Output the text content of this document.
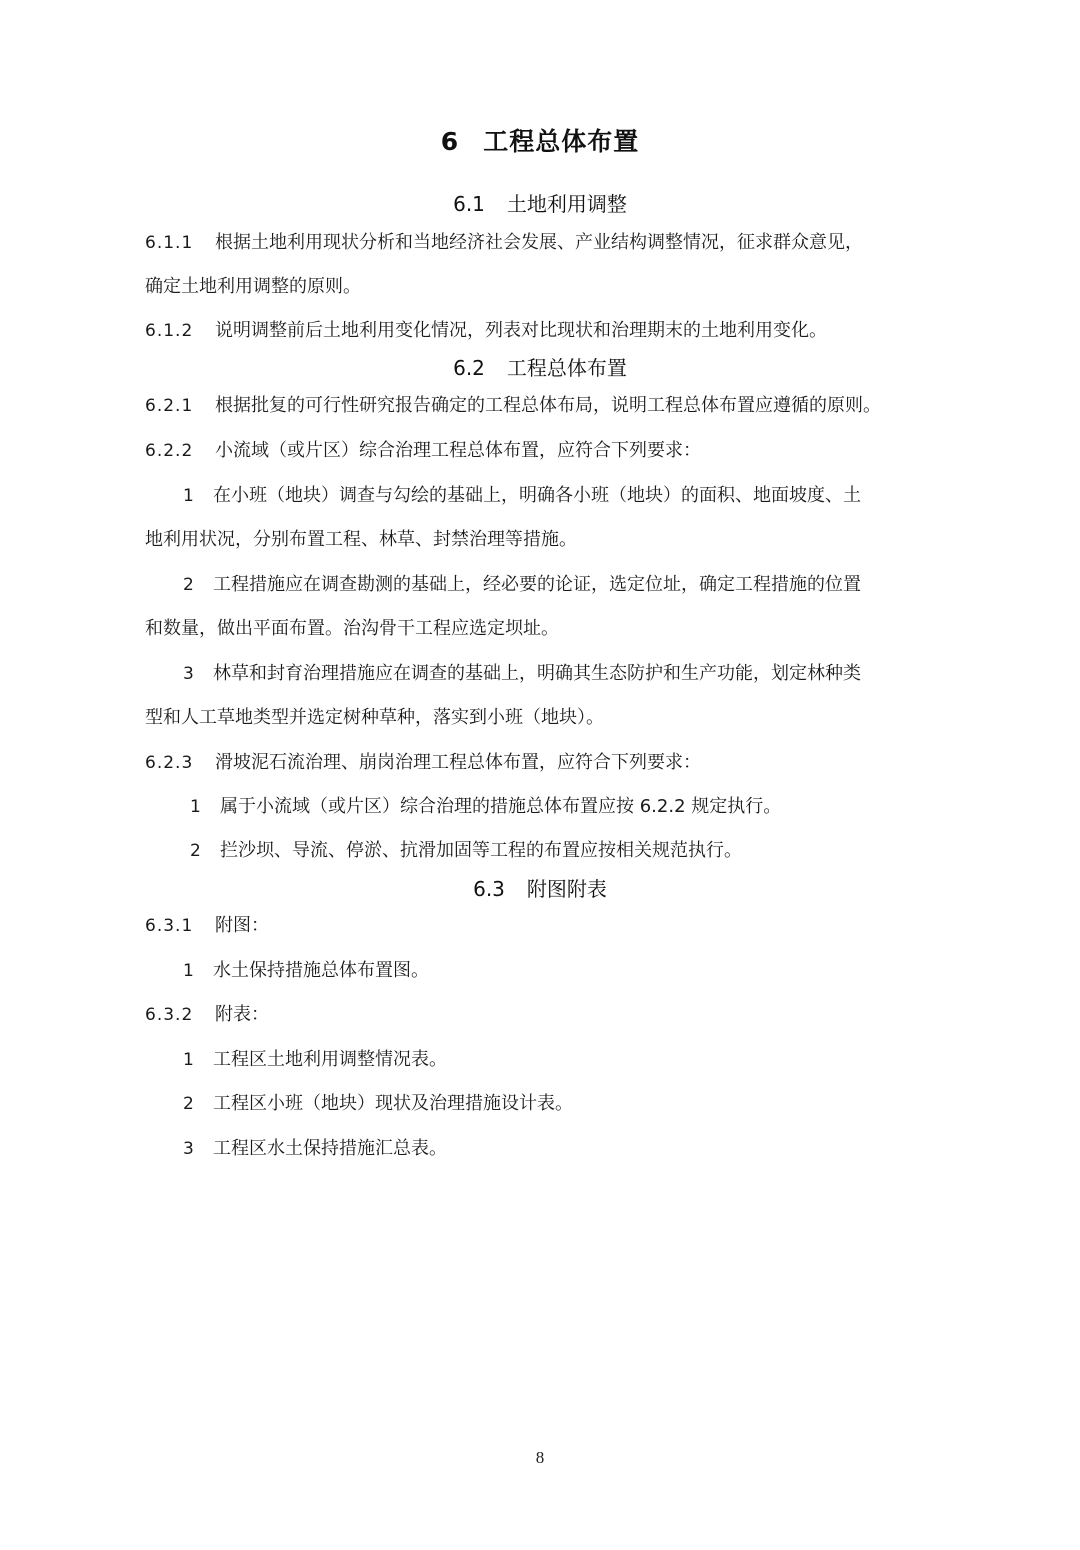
6 工程总体布置
6.1 土地利用调整
6.1.1 根据土地利用现状分析和当地经济社会发展、产业结构调整情况，征求群众意见，
确定土地利用调整的原则。
6.1.2 说明调整前后土地利用变化情况，列表对比现状和治理期末的土地利用变化。
6.2 工程总体布置
6.2.1 根据批复的可行性研究报告确定的工程总体布局，说明工程总体布置应遵循的原则。
6.2.2 小流域（或片区）综合治理工程总体布置，应符合下列要求：
1 在小班（地块）调查与勾绘的基础上，明确各小班（地块）的面积、地面坡度、土
地利用状况，分别布置工程、林草、封禁治理等措施。
2 工程措施应在调查勘测的基础上，经必要的论证，选定位址，确定工程措施的位置
和数量，做出平面布置。治沟骨干工程应选定坝址。
3 林草和封育治理措施应在调查的基础上，明确其生态防护和生产功能，划定林种类
型和人工草地类型并选定树种草种，落实到小班（地块）。
6.2.3 滑坡泥石流治理、崩岗治理工程总体布置，应符合下列要求：
1 属于小流域（或片区）综合治理的措施总体布置应按 6.2.2 规定执行。
2 拦沙坝、导流、停淤、抗滑加固等工程的布置应按相关规范执行。
6.3 附图附表
6.3.1 附图：
1 水土保持措施总体布置图。
6.3.2 附表：
1 工程区土地利用调整情况表。
2 工程区小班（地块）现状及治理措施设计表。
3 工程区水土保持措施汇总表。
8
